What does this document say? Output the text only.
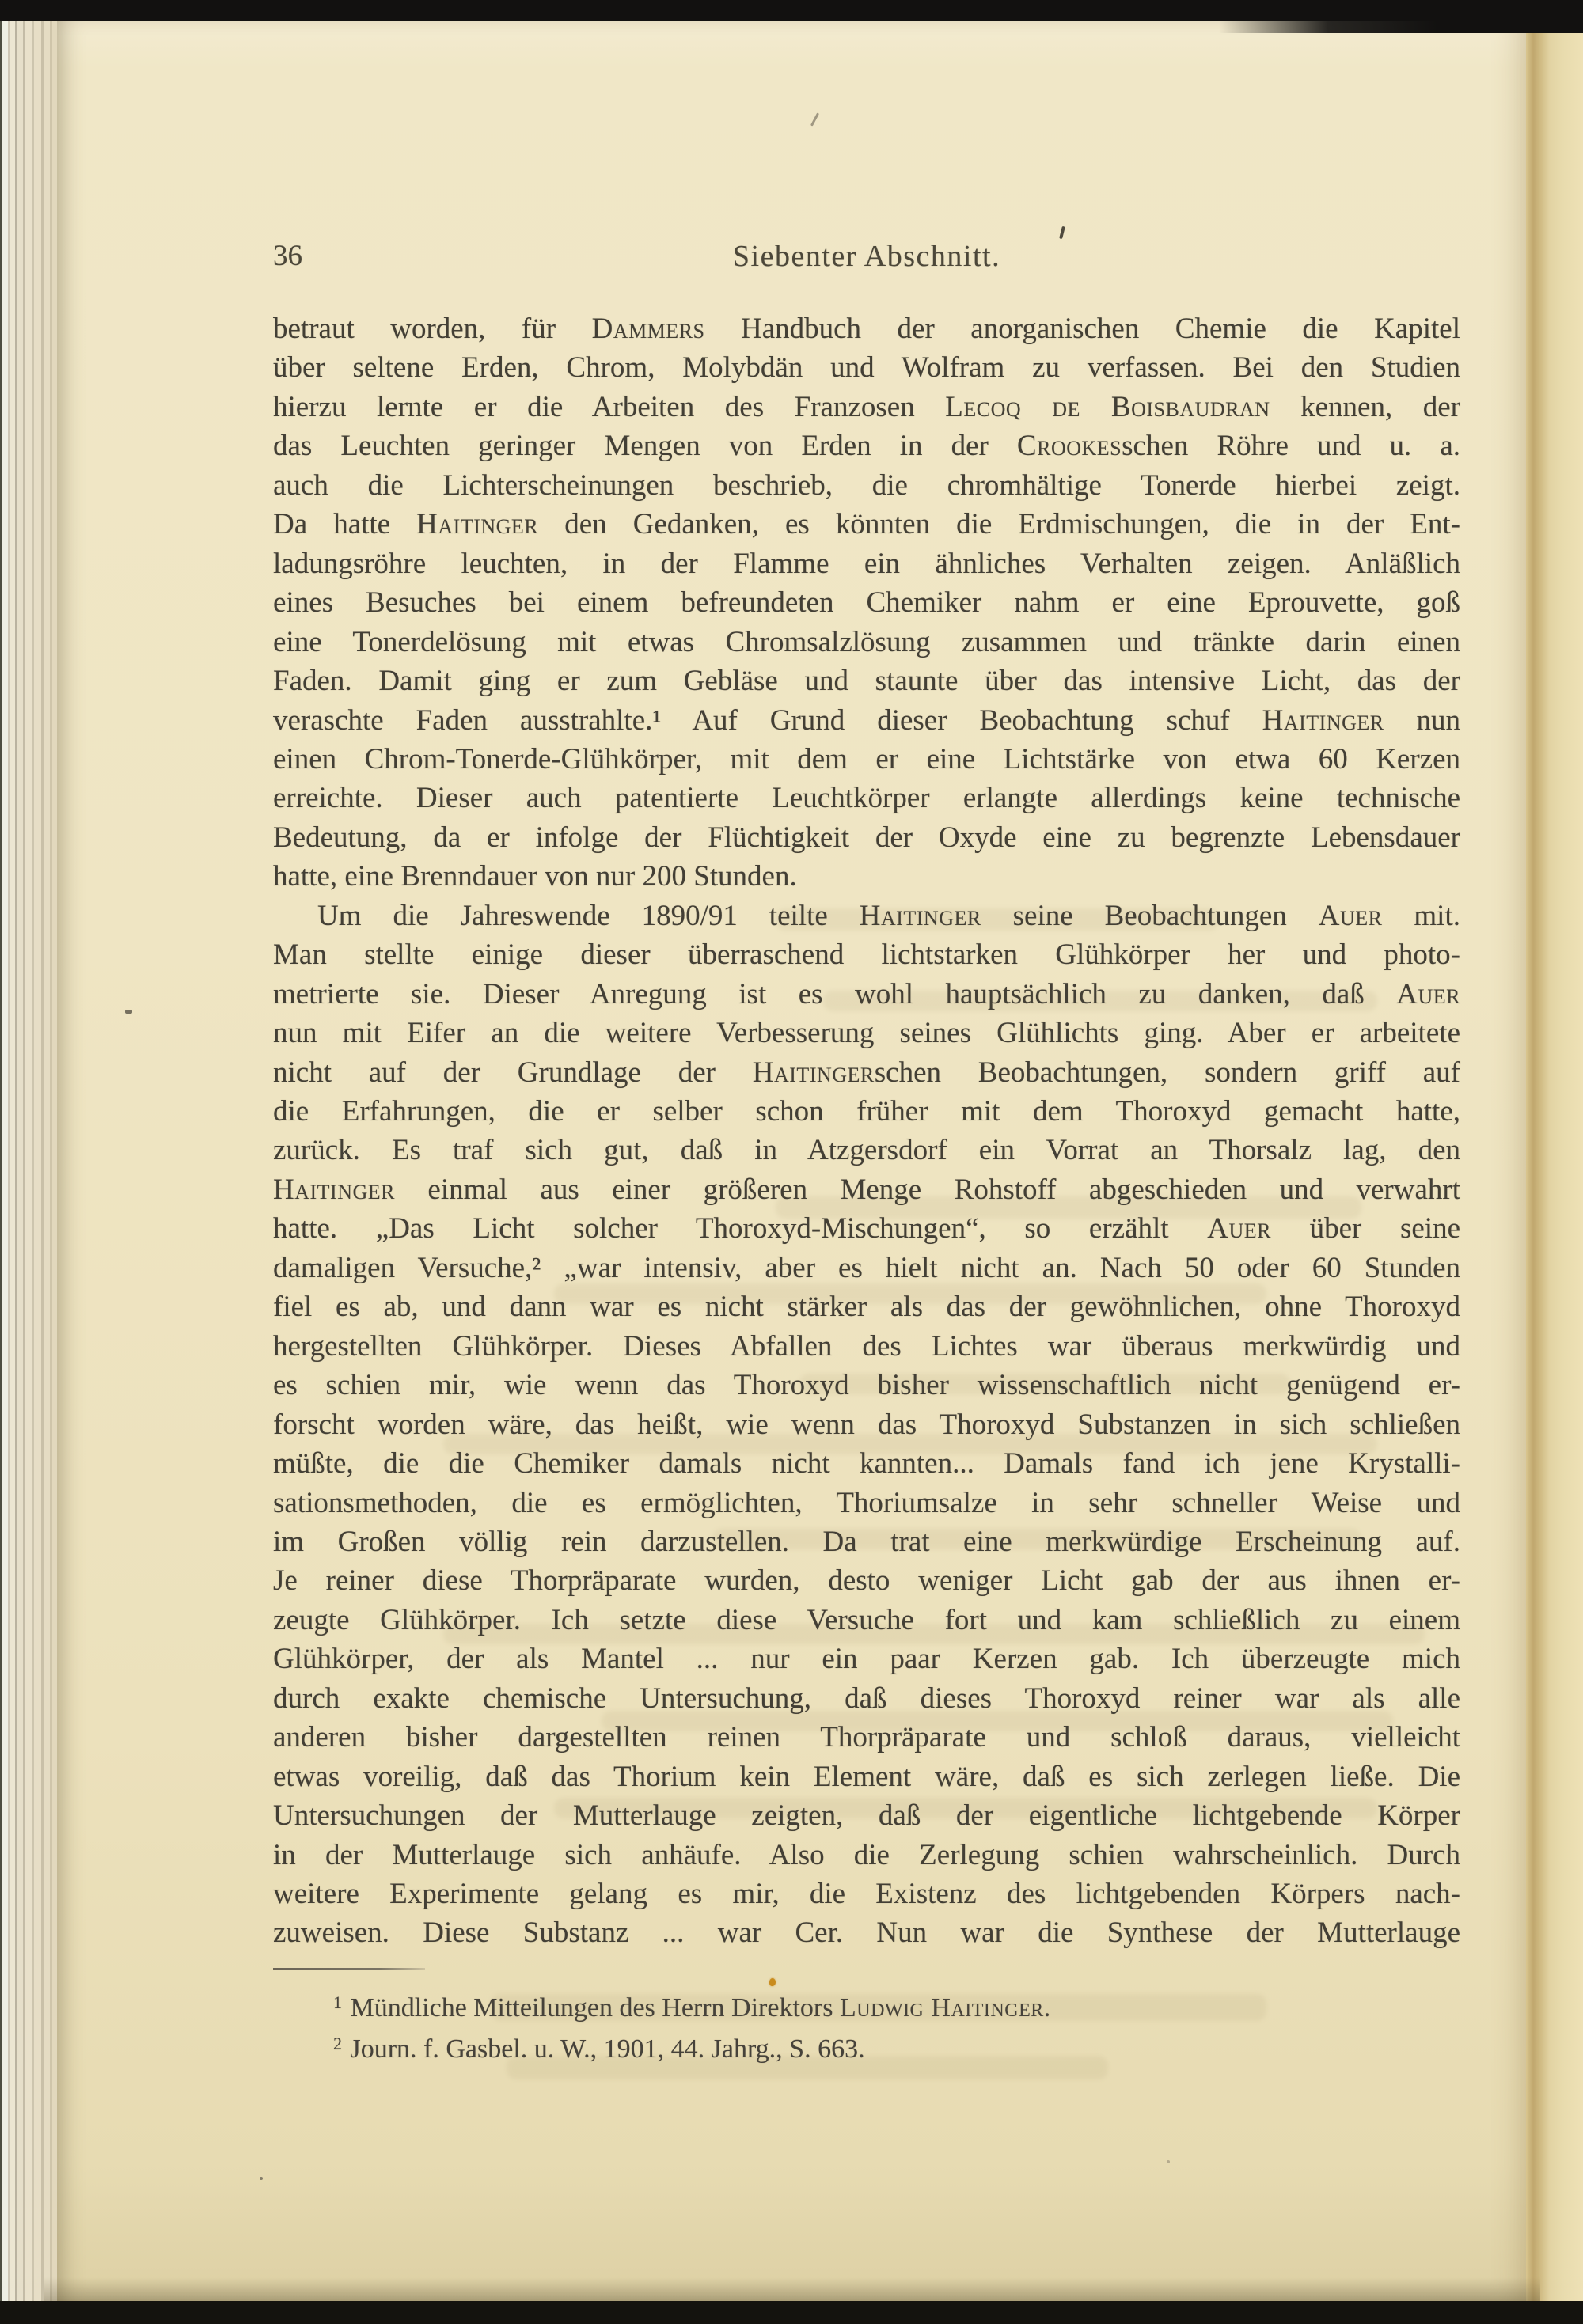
36	Siebenter Abschnitt.
betraut worden, für Dammers Handbuch der anorganischen Chemie die Kapitel
über seltene Erden, Chrom, Molybdän und Wolfram zu verfassen. Bei den Studien
hierzu lernte er die Arbeiten des Franzosen Lecoq de Boisbaudran kennen, der
das Leuchten geringer Mengen von Erden in der Crookesschen Röhre und u. a.
auch die Lichterscheinungen beschrieb, die chromhältige Tonerde hierbei zeigt.
Da hatte Haitinger den Gedanken, es könnten die Erdmischungen, die in der Ent-
ladungsröhre leuchten, in der Flamme ein ähnliches Verhalten zeigen. Anläßlich
eines Besuches bei einem befreundeten Chemiker nahm er eine Eprouvette, goß
eine Tonerdelösung mit etwas Chromsalzlösung zusammen und tränkte darin einen
Faden. Damit ging er zum Gebläse und staunte über das intensive Licht, das der
veraschte Faden ausstrahlte.¹ Auf Grund dieser Beobachtung schuf Haitinger nun
einen Chrom-Tonerde-Glühkörper, mit dem er eine Lichtstärke von etwa 60 Kerzen
erreichte. Dieser auch patentierte Leuchtkörper erlangte allerdings keine technische
Bedeutung, da er infolge der Flüchtigkeit der Oxyde eine zu begrenzte Lebensdauer
hatte, eine Brenndauer von nur 200 Stunden.
Um die Jahreswende 1890/91 teilte Haitinger seine Beobachtungen Auer mit.
Man stellte einige dieser überraschend lichtstarken Glühkörper her und photo-
metrierte sie. Dieser Anregung ist es wohl hauptsächlich zu danken, daß Auer
nun mit Eifer an die weitere Verbesserung seines Glühlichts ging. Aber er arbeitete
nicht auf der Grundlage der Haitingerschen Beobachtungen, sondern griff auf
die Erfahrungen, die er selber schon früher mit dem Thoroxyd gemacht hatte,
zurück. Es traf sich gut, daß in Atzgersdorf ein Vorrat an Thorsalz lag, den
Haitinger einmal aus einer größeren Menge Rohstoff abgeschieden und verwahrt
hatte. „Das Licht solcher Thoroxyd-Mischungen“, so erzählt Auer über seine
damaligen Versuche,² „war intensiv, aber es hielt nicht an. Nach 50 oder 60 Stunden
fiel es ab, und dann war es nicht stärker als das der gewöhnlichen, ohne Thoroxyd
hergestellten Glühkörper. Dieses Abfallen des Lichtes war überaus merkwürdig und
es schien mir, wie wenn das Thoroxyd bisher wissenschaftlich nicht genügend er-
forscht worden wäre, das heißt, wie wenn das Thoroxyd Substanzen in sich schließen
müßte, die die Chemiker damals nicht kannten... Damals fand ich jene Krystalli-
sationsmethoden, die es ermöglichten, Thoriumsalze in sehr schneller Weise und
im Großen völlig rein darzustellen. Da trat eine merkwürdige Erscheinung auf.
Je reiner diese Thorpräparate wurden, desto weniger Licht gab der aus ihnen er-
zeugte Glühkörper. Ich setzte diese Versuche fort und kam schließlich zu einem
Glühkörper, der als Mantel ... nur ein paar Kerzen gab. Ich überzeugte mich
durch exakte chemische Untersuchung, daß dieses Thoroxyd reiner war als alle
anderen bisher dargestellten reinen Thorpräparate und schloß daraus, vielleicht
etwas voreilig, daß das Thorium kein Element wäre, daß es sich zerlegen ließe. Die
Untersuchungen der Mutterlauge zeigten, daß der eigentliche lichtgebende Körper
in der Mutterlauge sich anhäufe. Also die Zerlegung schien wahrscheinlich. Durch
weitere Experimente gelang es mir, die Existenz des lichtgebenden Körpers nach-
zuweisen. Diese Substanz ... war Cer. Nun war die Synthese der Mutterlauge
$^1$ Mündliche Mitteilungen des Herrn Direktors Ludwig Haitinger.
$^2$ Journ. f. Gasbel. u. W., 1901, 44. Jahrg., S. 663.
